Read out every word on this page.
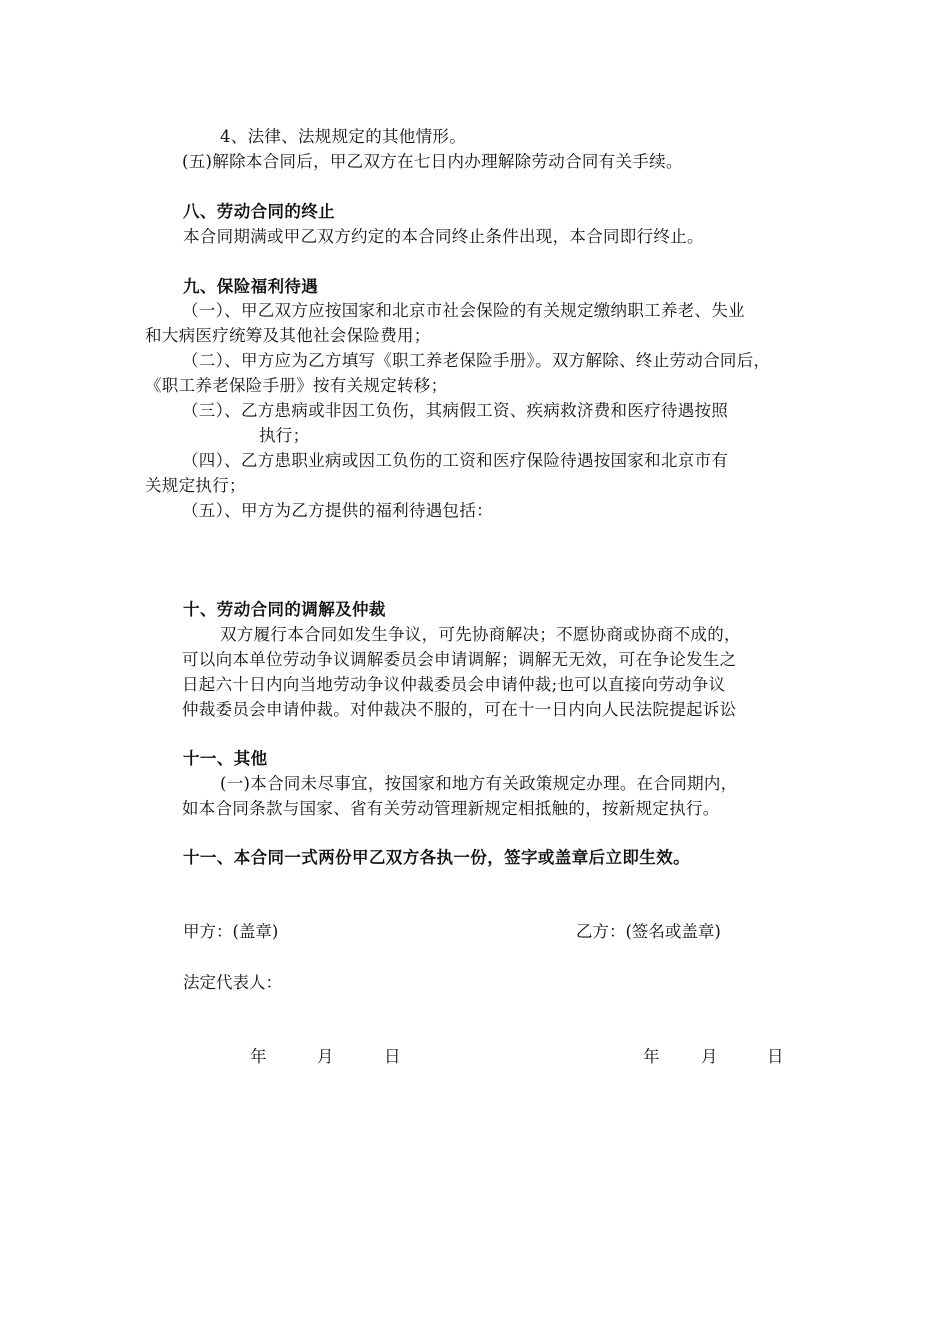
4、法律、法规规定的其他情形。
(五)解除本合同后，甲乙双方在七日内办理解除劳动合同有关手续。
八、劳动合同的终止
本合同期满或甲乙双方约定的本合同终止条件出现，本合同即行终止。
九、保险福利待遇
（一）、甲乙双方应按国家和北京市社会保险的有关规定缴纳职工养老、失业
和大病医疗统筹及其他社会保险费用；
（二）、甲方应为乙方填写《职工养老保险手册》。双方解除、终止劳动合同后，
《职工养老保险手册》按有关规定转移；
（三）、乙方患病或非因工负伤，其病假工资、疾病救济费和医疗待遇按照
执行；
（四）、乙方患职业病或因工负伤的工资和医疗保险待遇按国家和北京市有
关规定执行；
（五）、甲方为乙方提供的福利待遇包括：
十、劳动合同的调解及仲裁
双方履行本合同如发生争议，可先协商解决；不愿协商或协商不成的，
可以向本单位劳动争议调解委员会申请调解；调解无无效，可在争论发生之
日起六十日内向当地劳动争议仲裁委员会申请仲裁;也可以直接向劳动争议
仲裁委员会申请仲裁。对仲裁决不服的，可在十一日内向人民法院提起诉讼
十一、其他
(一)本合同未尽事宜，按国家和地方有关政策规定办理。在合同期内，
如本合同条款与国家、省有关劳动管理新规定相抵触的，按新规定执行。
十一、本合同一式两份甲乙双方各执一份，签字或盖章后立即生效。
甲方：(盖章)	乙方：(签名或盖章)
法定代表人：
年	月	日	年	月	日
